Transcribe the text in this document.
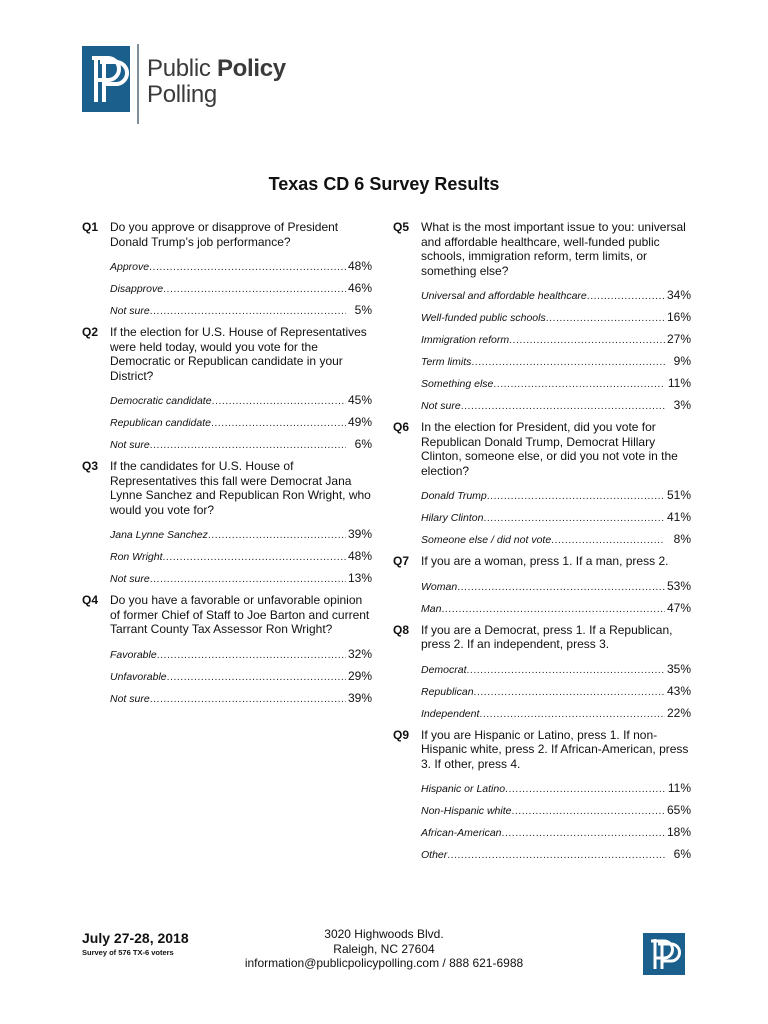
Public Policy
Polling
Texas CD 6 Survey Results
Q1 Do you approve or disapprove of President Donald Trump’s job performance?
Approve .....	48%
Disapprove .....	46%
Not sure .....	5%
Q2 If the election for U.S. House of Representatives were held today, would you vote for the Democratic or Republican candidate in your District?
Democratic candidate .....	45%
Republican candidate .....	49%
Not sure .....	6%
Q3 If the candidates for U.S. House of Representatives this fall were Democrat Jana Lynne Sanchez and Republican Ron Wright, who would you vote for?
Jana Lynne Sanchez .....	39%
Ron Wright .....	48%
Not sure .....	13%
Q4 Do you have a favorable or unfavorable opinion of former Chief of Staff to Joe Barton and current Tarrant County Tax Assessor Ron Wright?
Favorable .....	32%
Unfavorable .....	29%
Not sure .....	39%
Q5 What is the most important issue to you: universal and affordable healthcare, well-funded public schools, immigration reform, term limits, or something else?
Universal and affordable healthcare .....	34%
Well-funded public schools .....	16%
Immigration reform .....	27%
Term limits .....	9%
Something else .....	11%
Not sure .....	3%
Q6 In the election for President, did you vote for Republican Donald Trump, Democrat Hillary Clinton, someone else, or did you not vote in the election?
Donald Trump .....	51%
Hilary Clinton .....	41%
Someone else / did not vote .....	8%
Q7 If you are a woman, press 1. If a man, press 2.
Woman .....	53%
Man .....	47%
Q8 If you are a Democrat, press 1. If a Republican, press 2. If an independent, press 3.
Democrat .....	35%
Republican .....	43%
Independent .....	22%
Q9 If you are Hispanic or Latino, press 1. If non-Hispanic white, press 2. If African-American, press 3. If other, press 4.
Hispanic or Latino .....	11%
Non-Hispanic white .....	65%
African-American .....	18%
Other .....	6%
July 27-28, 2018
Survey of 576 TX-6 voters
3020 Highwoods Blvd.
Raleigh, NC 27604
information@publicpolicypolling.com / 888 621-6988
